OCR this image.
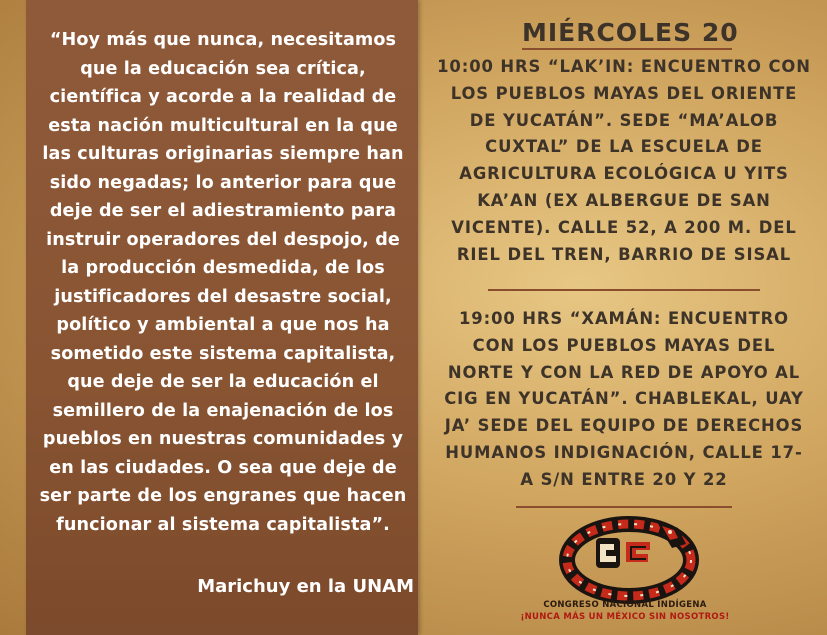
“Hoy más que nunca, necesitamos
que la educación sea crítica,
científica y acorde a la realidad de
esta nación multicultural en la que
las culturas originarias siempre han
sido negadas; lo anterior para que
deje de ser el adiestramiento para
instruir operadores del despojo, de
la producción desmedida, de los
justificadores del desastre social,
político y ambiental a que nos ha
sometido este sistema capitalista,
que deje de ser la educación el
semillero de la enajenación de los
pueblos en nuestras comunidades y
en las ciudades. O sea que deje de
ser parte de los engranes que hacen
funcionar al sistema capitalista”.
Marichuy en la UNAM
MIÉRCOLES 20
10:00 HRS “LAK’IN: ENCUENTRO CON
LOS PUEBLOS MAYAS DEL ORIENTE
DE YUCATÁN”. SEDE “MA’ALOB
CUXTAL” DE LA ESCUELA DE
AGRICULTURA ECOLÓGICA U YITS
KA’AN (EX ALBERGUE DE SAN
VICENTE). CALLE 52, A 200 M. DEL
RIEL DEL TREN, BARRIO DE SISAL
19:00 HRS “XAMÁN: ENCUENTRO
CON LOS PUEBLOS MAYAS DEL
NORTE Y CON LA RED DE APOYO AL
CIG EN YUCATÁN”. CHABLEKAL, UAY
JA’ SEDE DEL EQUIPO DE DERECHOS
HUMANOS INDIGNACIÓN, CALLE 17-
A S/N ENTRE 20 Y 22
CONGRESO NACIONAL INDÍGENA
¡NUNCA MÁS UN MÉXICO SIN NOSOTROS!
